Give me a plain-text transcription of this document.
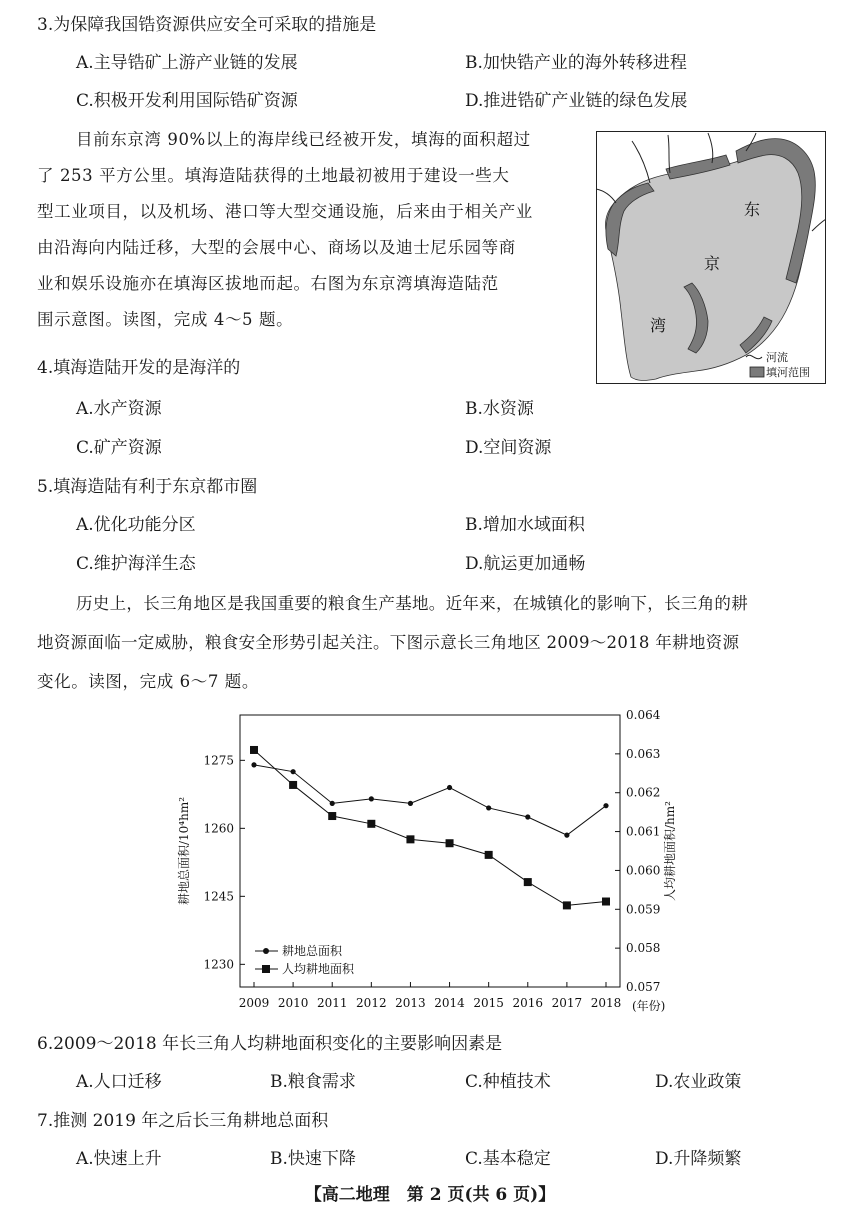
3.为保障我国锆资源供应安全可采取的措施是
A.主导锆矿上游产业链的发展	B.加快锆产业的海外转移进程
C.积极开发利用国际锆矿资源	D.推进锆矿产业链的绿色发展
目前东京湾 90%以上的海岸线已经被开发，填海的面积超过
了 253 平方公里。填海造陆获得的土地最初被用于建设一些大
型工业项目，以及机场、港口等大型交通设施，后来由于相关产业
由沿海向内陆迁移，大型的会展中心、商场以及迪士尼乐园等商
业和娱乐设施亦在填海区拔地而起。右图为东京湾填海造陆范
围示意图。读图，完成 4～5 题。
东
京
湾
河流
填河范围
4.填海造陆开发的是海洋的
A.水产资源	B.水资源
C.矿产资源	D.空间资源
5.填海造陆有利于东京都市圈
A.优化功能分区	B.增加水域面积
C.维护海洋生态	D.航运更加通畅
历史上，长三角地区是我国重要的粮食生产基地。近年来，在城镇化的影响下，长三角的耕
地资源面临一定威胁，粮食安全形势引起关注。下图示意长三角地区 2009～2018 年耕地资源
变化。读图，完成 6～7 题。
1230
1245
1260
1275
0.057
0.058
0.059
0.060
0.061
0.062
0.063
0.064
2009 2010 2011 2012 2013 2014 2015 2016 2017 2018
耕地总面积/10⁴hm²	人均耕地面积/hm²
(年份)
耕地总面积
人均耕地面积
6.2009～2018 年长三角人均耕地面积变化的主要影响因素是
A.人口迁移	B.粮食需求	C.种植技术	D.农业政策
7.推测 2019 年之后长三角耕地总面积
A.快速上升	B.快速下降	C.基本稳定	D.升降频繁
【高二地理　第 2 页(共 6 页)】
